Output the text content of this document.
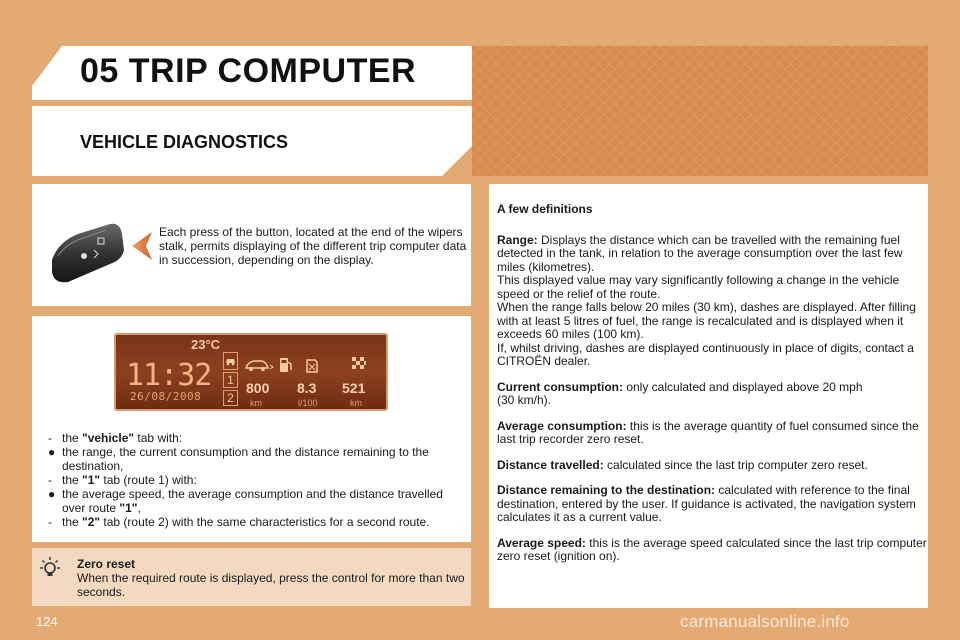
05 TRIP COMPUTER
VEHICLE DIAGNOSTICS
Each press of the button, located at the end of the wipers stalk, permits displaying of the different trip computer data in succession, depending on the display.
23°C
11:32
26/08/2008
1
2
800
km
8.3
l/100
521
km
- the "vehicle" tab with:
● the range, the current consumption and the distance remaining to the destination,
- the "1" tab (route 1) with:
● the average speed, the average consumption and the distance travelled over route "1",
- the "2" tab (route 2) with the same characteristics for a second route.
Zero reset
When the required route is displayed, press the control for more than two seconds.

A few definitions

Range: Displays the distance which can be travelled with the remaining fuel detected in the tank, in relation to the average consumption over the last few miles (kilometres).
This displayed value may vary significantly following a change in the vehicle speed or the relief of the route.
When the range falls below 20 miles (30 km), dashes are displayed. After filling with at least 5 litres of fuel, the range is recalculated and is displayed when it exceeds 60 miles (100 km).
If, whilst driving, dashes are displayed continuously in place of digits, contact a CITROËN dealer.

Current consumption: only calculated and displayed above 20 mph
(30 km/h).

Average consumption: this is the average quantity of fuel consumed since the last trip recorder zero reset.

Distance travelled: calculated since the last trip computer zero reset.

Distance remaining to the destination: calculated with reference to the final destination, entered by the user. If guidance is activated, the navigation system calculates it as a current value.

Average speed: this is the average speed calculated since the last trip computer zero reset (ignition on).

124	carmanualsonline.info
